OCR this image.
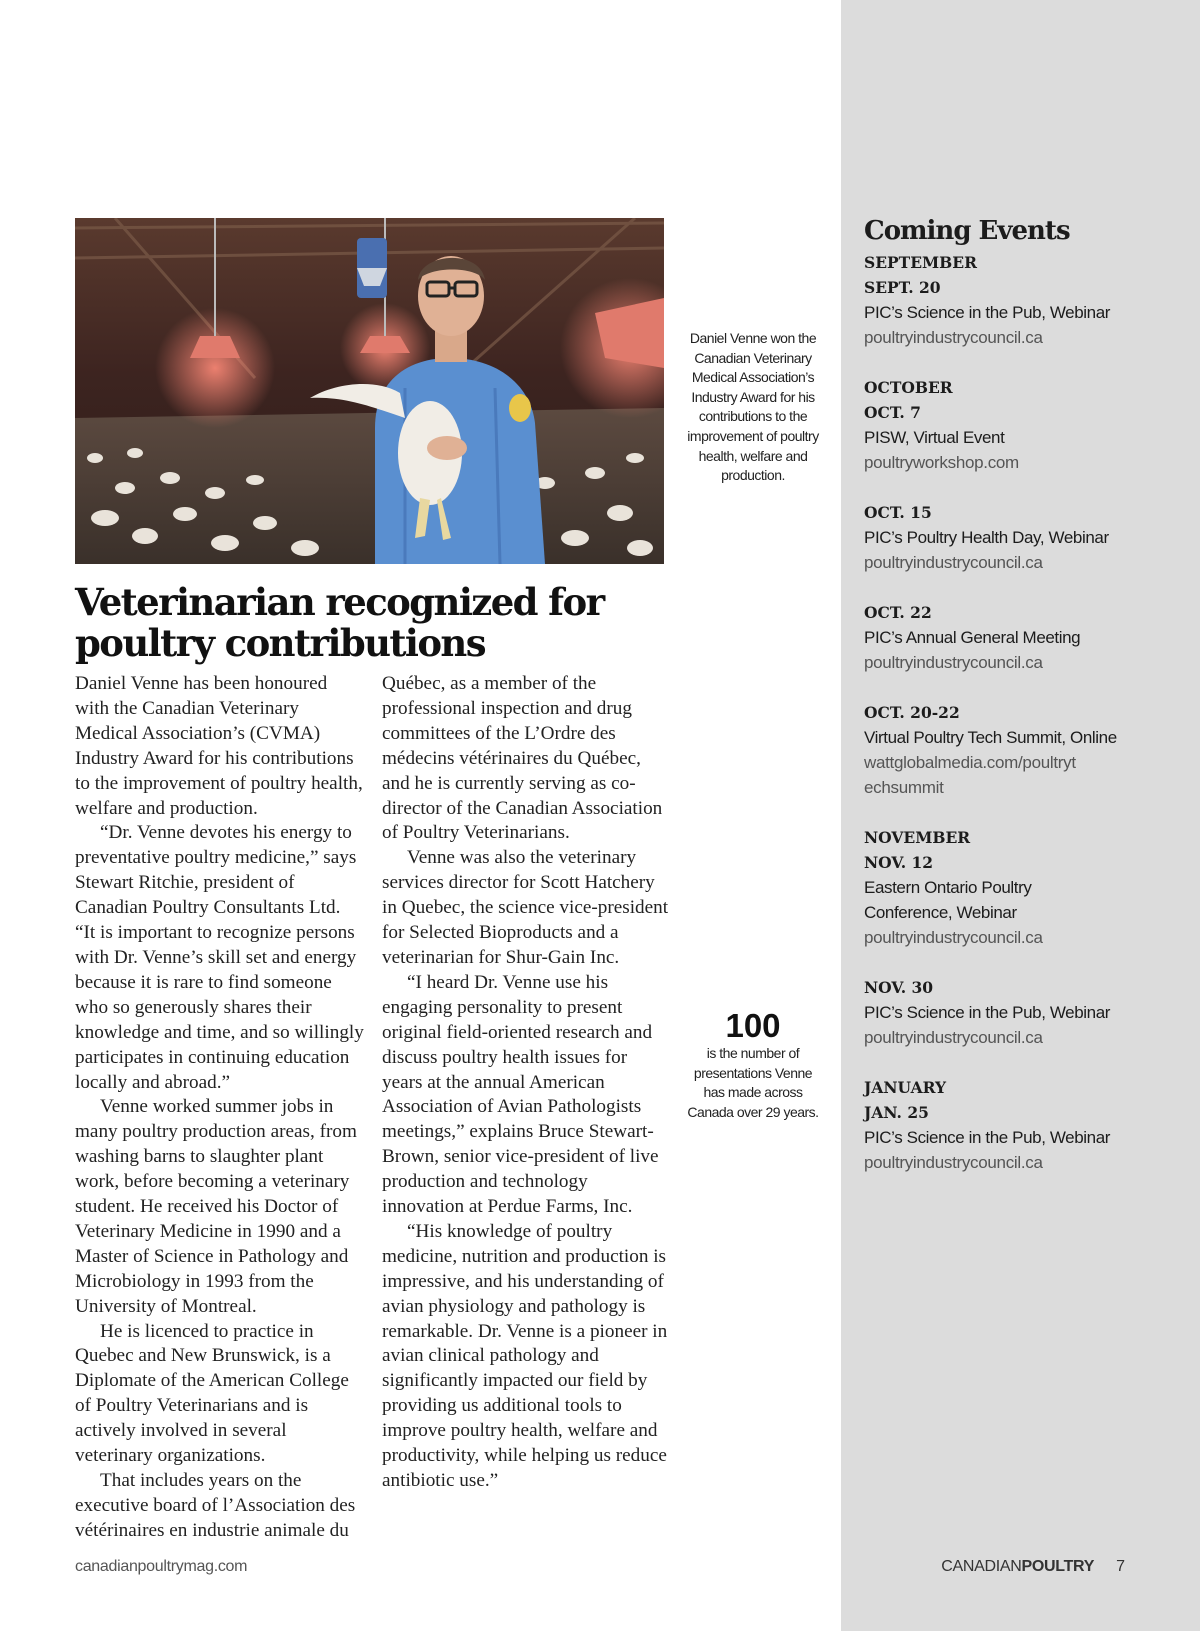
Veterinarian recognized for poultry contributions

Daniel Venne has been honoured with the Canadian Veterinary Medical Association’s (CVMA) Industry Award for his contributions to the improvement of poultry health, welfare and production.

“Dr. Venne devotes his energy to preventative poultry medicine,” says Stewart Ritchie, president of Canadian Poultry Consultants Ltd. “It is important to recognize persons with Dr. Venne’s skill set and energy because it is rare to find someone who so generously shares their knowledge and time, and so willingly participates in continuing education locally and abroad.”

Venne worked summer jobs in many poultry production areas, from washing barns to slaughter plant work, before becoming a veterinary student. He received his Doctor of Veterinary Medicine in 1990 and a Master of Science in Pathology and Microbiology in 1993 from the University of Montreal.

He is licenced to practice in Quebec and New Brunswick, is a Diplomate of the American College of Poultry Veterinarians and is actively involved in several veterinary organizations.

That includes years on the executive board of l’Association des vétérinaires en industrie animale du

Québec, as a member of the professional inspection and drug committees of the L’Ordre des médecins vétérinaires du Québec, and he is currently serving as co-director of the Canadian Association of Poultry Veterinarians.

Venne was also the veterinary services director for Scott Hatchery in Quebec, the science vice-president for Selected Bioproducts and a veterinarian for Shur-Gain Inc.

“I heard Dr. Venne use his engaging personality to present original field-oriented research and discuss poultry health issues for years at the annual American Association of Avian Pathologists meetings,” explains Bruce Stewart-Brown, senior vice-president of live production and technology innovation at Perdue Farms, Inc.

“His knowledge of poultry medicine, nutrition and production is impressive, and his understanding of avian physiology and pathology is remarkable. Dr. Venne is a pioneer in avian clinical pathology and significantly impacted our field by providing us additional tools to improve poultry health, welfare and productivity, while helping us reduce antibiotic use.”

Daniel Venne won the Canadian Veterinary Medical Association’s Industry Award for his contributions to the improvement of poultry health, welfare and production.
100
is the number of presentations Venne has made across Canada over 29 years.
Coming Events
SEPTEMBER
SEPT. 20
PIC’s Science in the Pub, Webinar
poultryindustrycouncil.ca
OCTOBER
OCT. 7
PISW, Virtual Event
poultryworkshop.com
OCT. 15
PIC’s Poultry Health Day, Webinar
poultryindustrycouncil.ca
OCT. 22
PIC’s Annual General Meeting
poultryindustrycouncil.ca
OCT. 20-22
Virtual Poultry Tech Summit, Online
wattglobalmedia.com/poultrytechsummit
NOVEMBER
NOV. 12
Eastern Ontario Poultry Conference, Webinar
poultryindustrycouncil.ca
NOV. 30
PIC’s Science in the Pub, Webinar
poultryindustrycouncil.ca
JANUARY
JAN. 25
PIC’s Science in the Pub, Webinar
poultryindustrycouncil.ca
canadianpoultrymag.com	CANADIANPOULTRY 7
